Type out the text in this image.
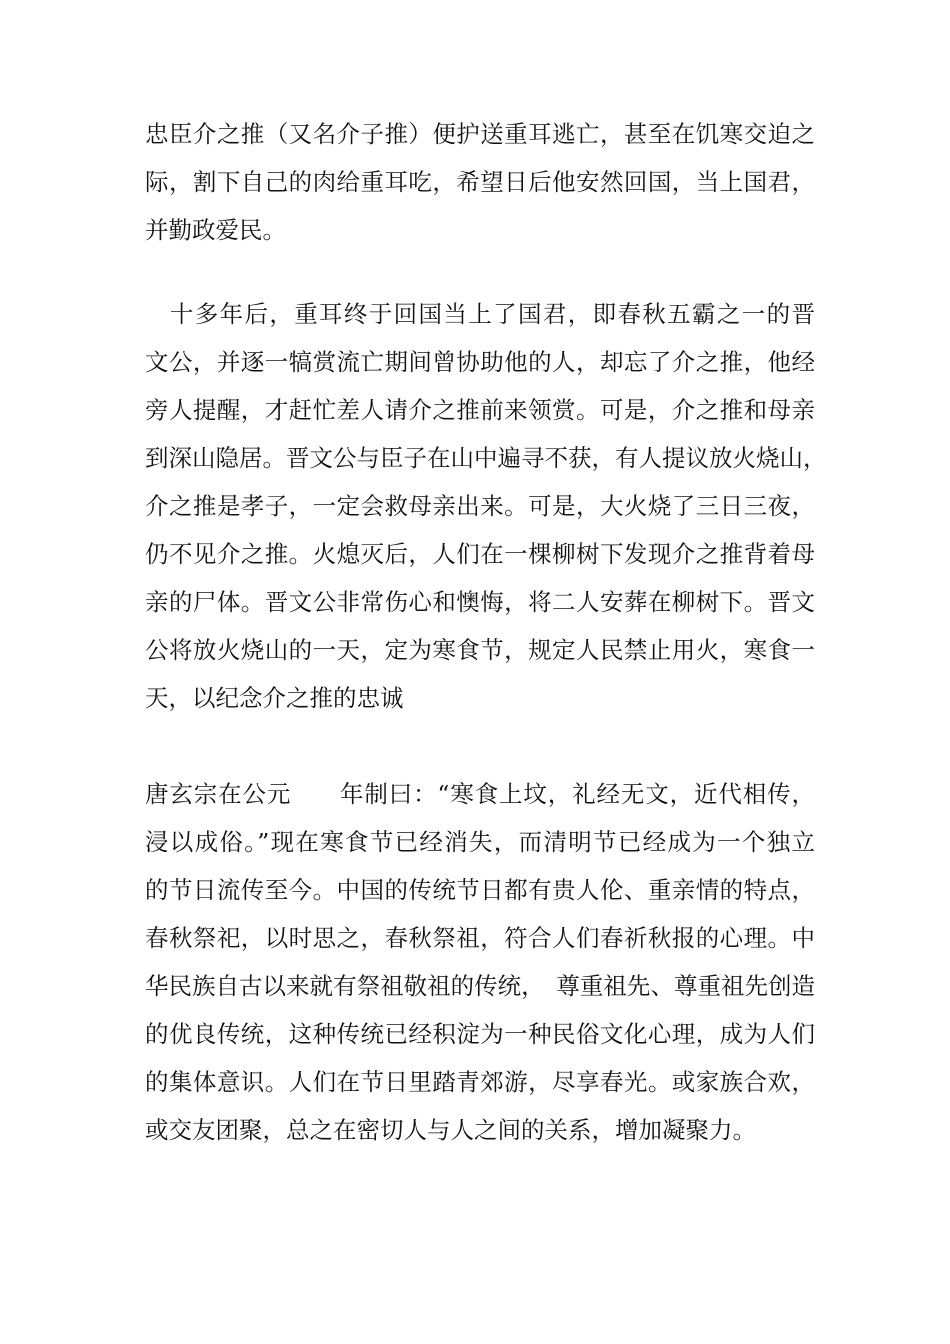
忠臣介之推（又名介子推）便护送重耳逃亡，甚至在饥寒交迫之
际，割下自己的肉给重耳吃，希望日后他安然回国，当上国君，
并勤政爱民。
　十多年后，重耳终于回国当上了国君，即春秋五霸之一的晋
文公，并逐一犒赏流亡期间曾协助他的人，却忘了介之推，他经
旁人提醒，才赶忙差人请介之推前来领赏。可是，介之推和母亲
到深山隐居。晋文公与臣子在山中遍寻不获，有人提议放火烧山，
介之推是孝子，一定会救母亲出来。可是，大火烧了三日三夜，
仍不见介之推。火熄灭后，人们在一棵柳树下发现介之推背着母
亲的尸体。晋文公非常伤心和懊悔，将二人安葬在柳树下。晋文
公将放火烧山的一天，定为寒食节，规定人民禁止用火，寒食一
天，以纪念介之推的忠诚
唐玄宗在公元　　年制曰：“寒食上坟，礼经无文，近代相传，
浸以成俗。”现在寒食节已经消失，而清明节已经成为一个独立
的节日流传至今。中国的传统节日都有贵人伦、重亲情的特点，
春秋祭祀，以时思之，春秋祭祖，符合人们春祈秋报的心理。中
华民族自古以来就有祭祖敬祖的传统，　尊重祖先、尊重祖先创造
的优良传统，这种传统已经积淀为一种民俗文化心理，成为人们
的集体意识。人们在节日里踏青郊游，尽享春光。或家族合欢，
或交友团聚，总之在密切人与人之间的关系，增加凝聚力。
